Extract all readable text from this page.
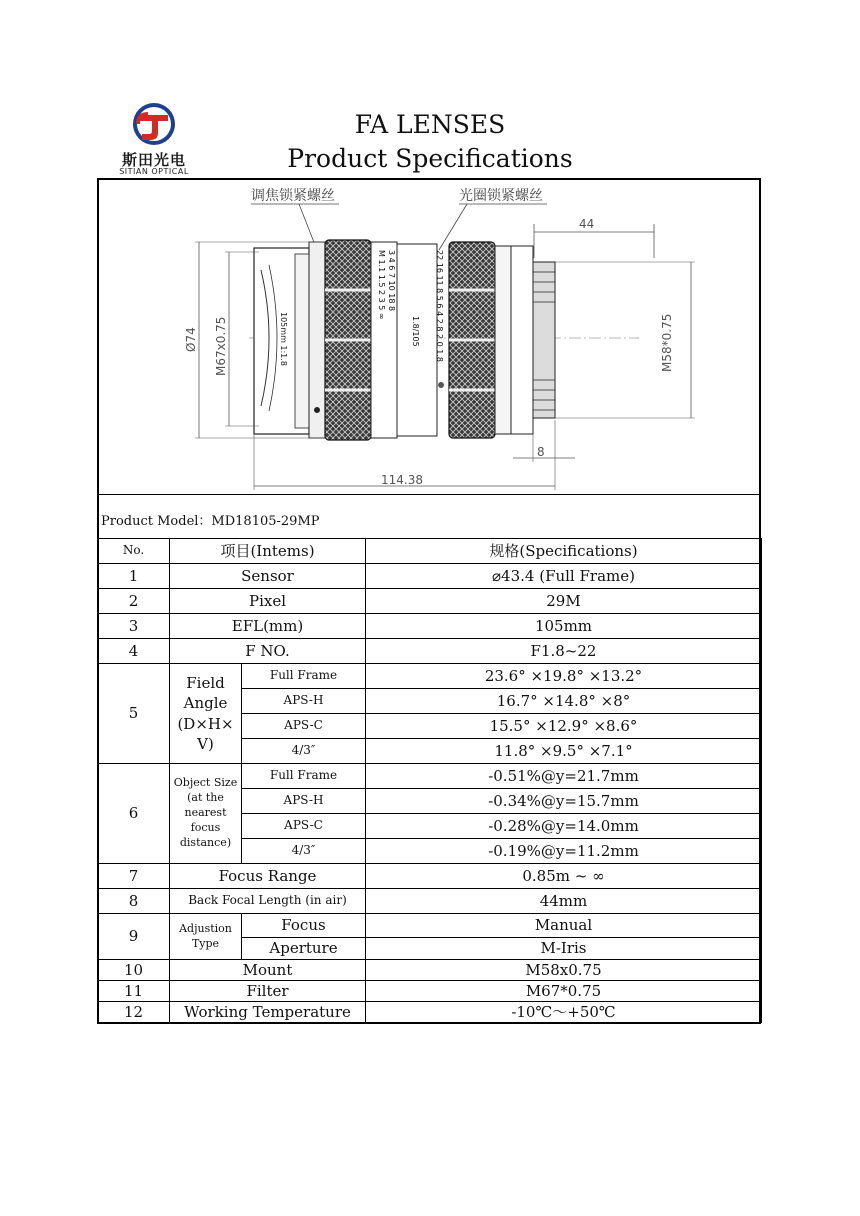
斯田光电
SITIAN OPTICAL
FA LENSES
Product Specifications
调焦锁紧螺丝	光圈锁紧螺丝
44
105mm 1:1.8
M 1.1 1.5 2 3 5 ∞ 3 4 6 7 10 18 8
1.8/105 22 16 11 8 5.6 4 2.8 2.0 1.8
Ø74 M67x0.75	M58*0.75
8
114.38
Product Model：MD18105-29MP
No.	项目(Intems)		规格(Specifications)
1	Sensor		⌀43.4 (Full Frame)
2	Pixel		29M
3	EFL(mm)		105mm
4	F NO.		F1.8~22
5	Field Angle (D×H× V)	Full Frame	23.6° ×19.8° ×13.2°
		APS-H	16.7° ×14.8° ×8°
		APS-C	15.5° ×12.9° ×8.6°
		4/3″	11.8° ×9.5° ×7.1°
6	Object Size (at the nearest focus distance)	Full Frame	-0.51%@y=21.7mm
		APS-H	-0.34%@y=15.7mm
		APS-C	-0.28%@y=14.0mm
		4/3″	-0.19%@y=11.2mm
7	Focus Range		0.85m ~ ∞
8	Back Focal Length (in air)		44mm
9	Adjustion Type	Focus	Manual
		Aperture	M-Iris
10	Mount		M58x0.75
11	Filter		M67*0.75
12	Working Temperature		-10℃～+50℃
